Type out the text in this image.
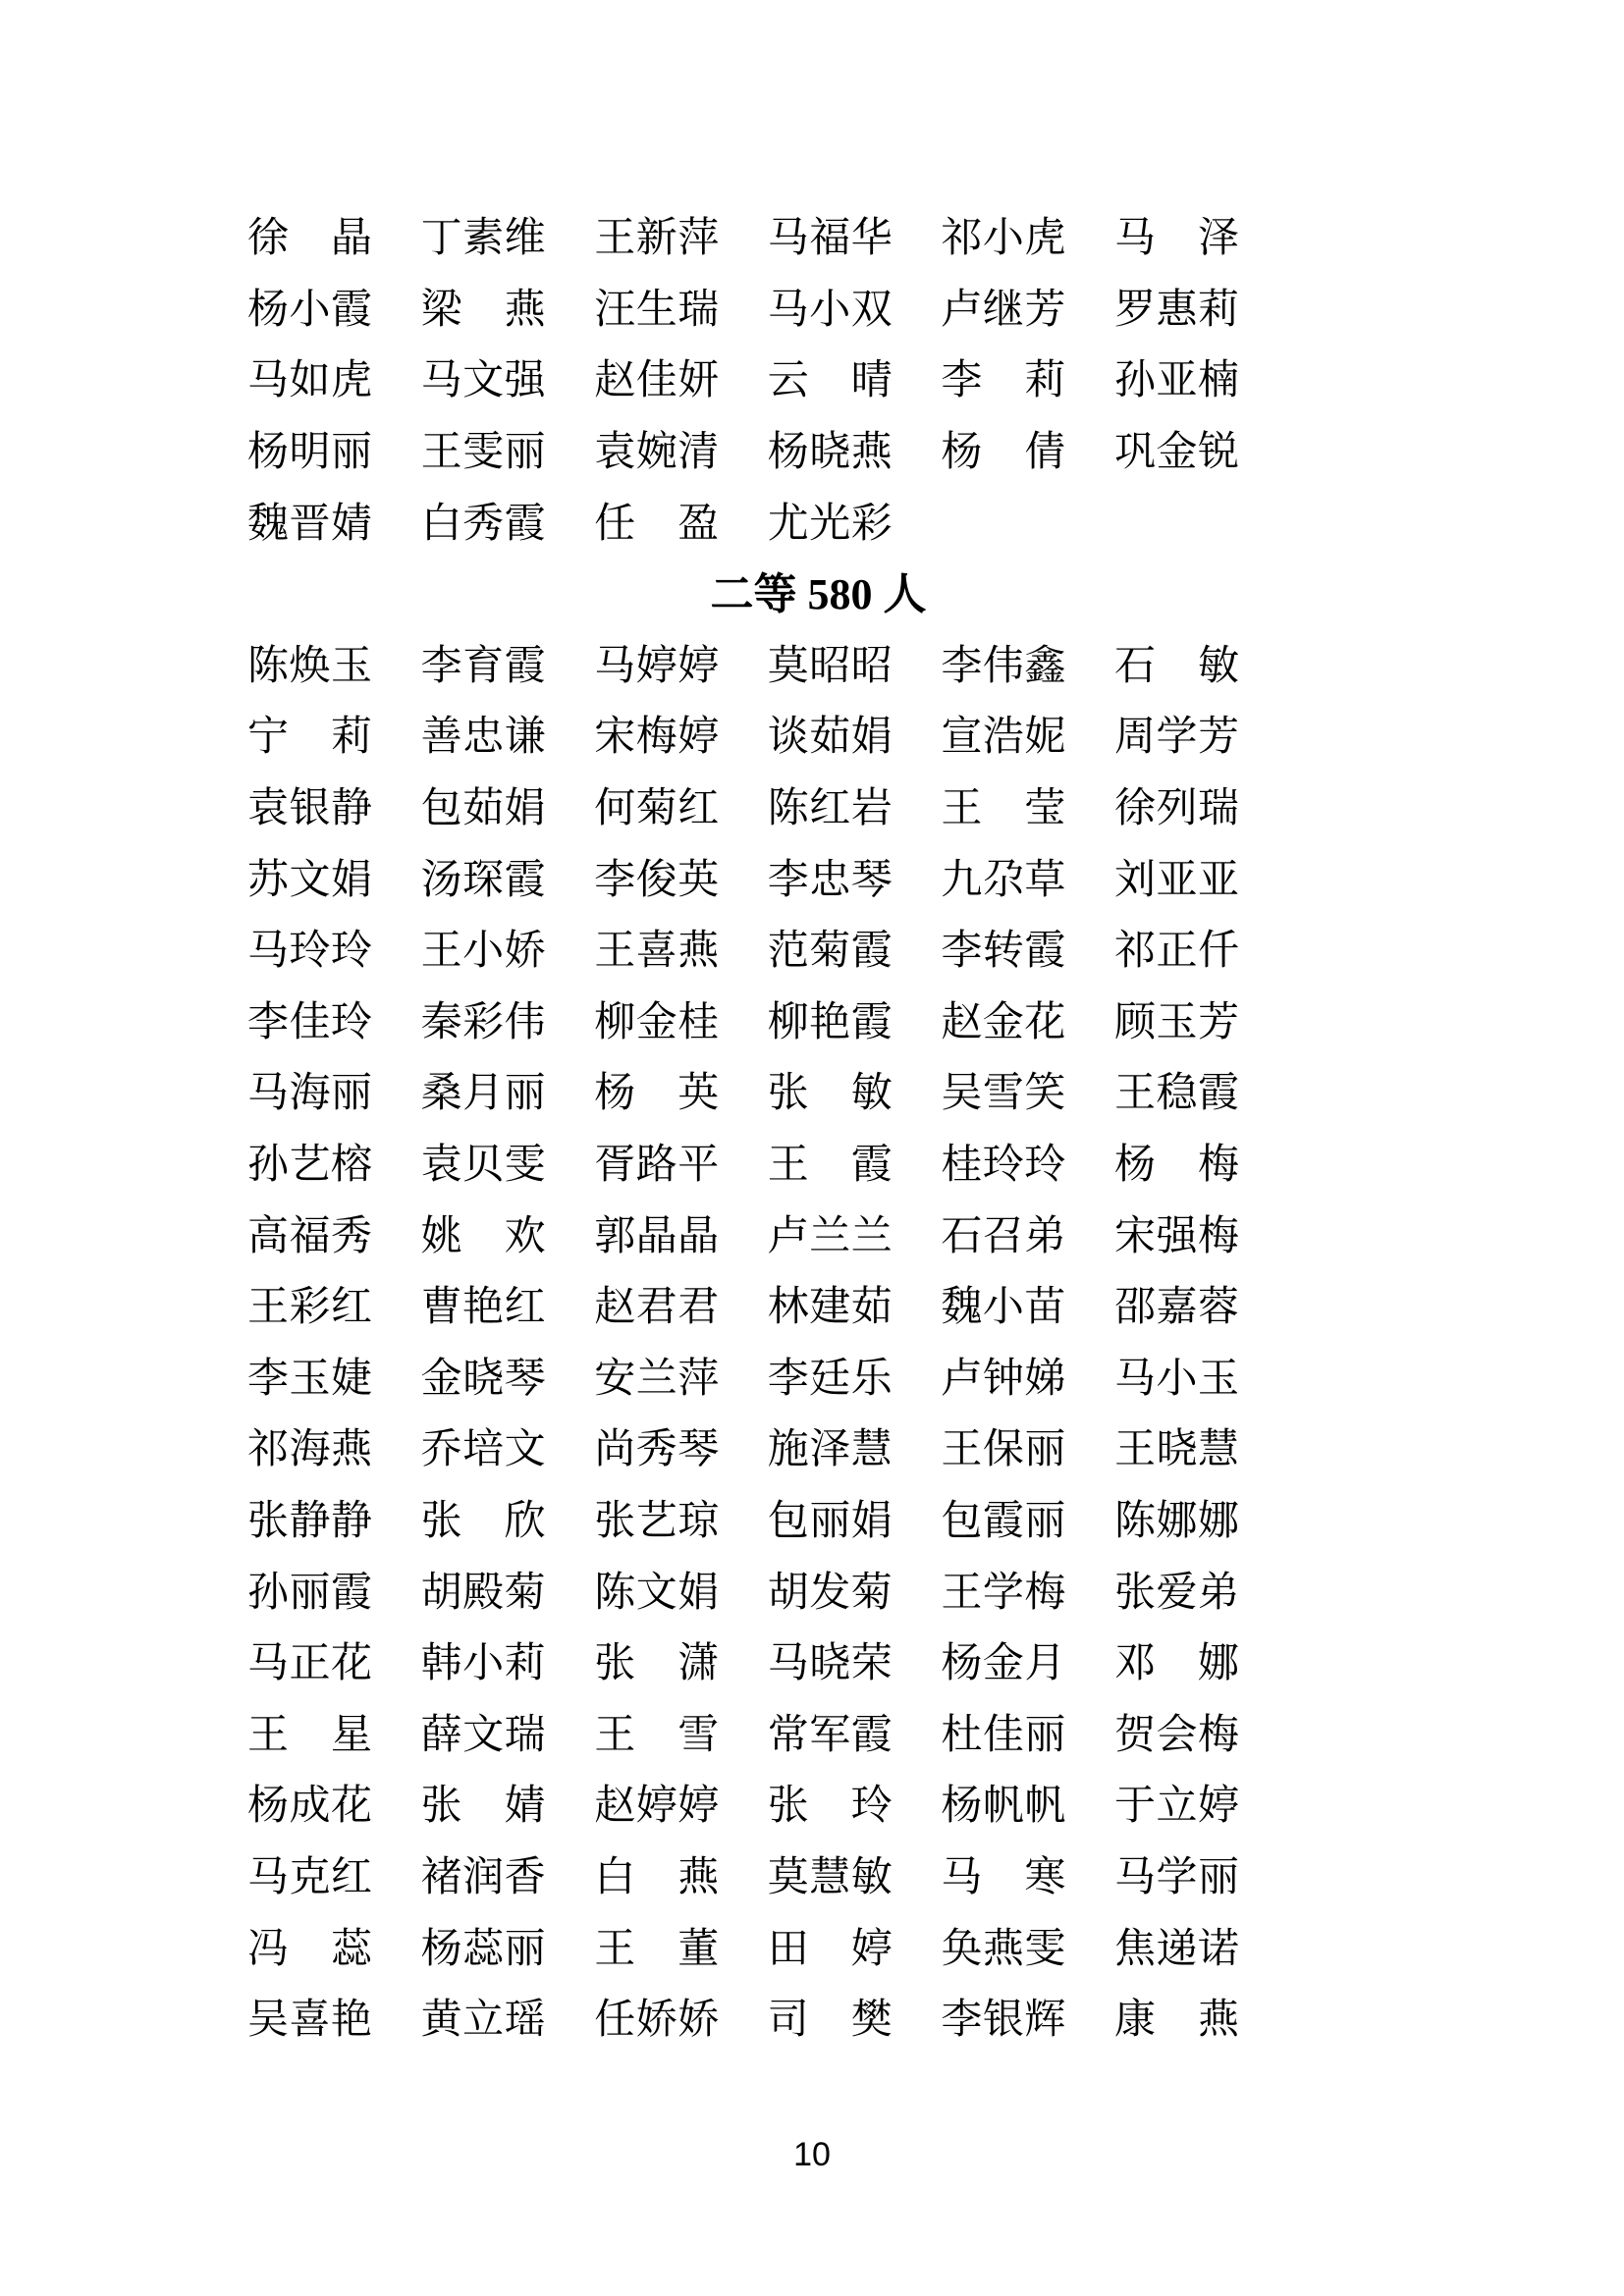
徐　晶 丁素维 王新萍 马福华 祁小虎 马　泽
杨小霞 梁　燕 汪生瑞 马小双 卢继芳 罗惠莉
马如虎 马文强 赵佳妍 云　晴 李　莉 孙亚楠
杨明丽 王雯丽 袁婉清 杨晓燕 杨　倩 巩金锐
魏晋婧 白秀霞 任　盈 尤光彩
二等 580 人
陈焕玉 李育霞 马婷婷 莫昭昭 李伟鑫 石　敏
宁　莉 善忠谦 宋梅婷 谈茹娟 宣浩妮 周学芳
袁银静 包茹娟 何菊红 陈红岩 王　莹 徐列瑞
苏文娟 汤琛霞 李俊英 李忠琴 九尕草 刘亚亚
马玲玲 王小娇 王喜燕 范菊霞 李转霞 祁正仟
李佳玲 秦彩伟 柳金桂 柳艳霞 赵金花 顾玉芳
马海丽 桑月丽 杨　英 张　敏 吴雪笑 王稳霞
孙艺榕 袁贝雯 胥路平 王　霞 桂玲玲 杨　梅
高福秀 姚　欢 郭晶晶 卢兰兰 石召弟 宋强梅
王彩红 曹艳红 赵君君 林建茹 魏小苗 邵嘉蓉
李玉婕 金晓琴 安兰萍 李廷乐 卢钟娣 马小玉
祁海燕 乔培文 尚秀琴 施泽慧 王保丽 王晓慧
张静静 张　欣 张艺琼 包丽娟 包霞丽 陈娜娜
孙丽霞 胡殿菊 陈文娟 胡发菊 王学梅 张爱弟
马正花 韩小莉 张　潇 马晓荣 杨金月 邓　娜
王　星 薛文瑞 王　雪 常军霞 杜佳丽 贺会梅
杨成花 张　婧 赵婷婷 张　玲 杨帆帆 于立婷
马克红 褚润香 白　燕 莫慧敏 马　寒 马学丽
冯　蕊 杨蕊丽 王　董 田　婷 奂燕雯 焦递诺
吴喜艳 黄立瑶 任娇娇 司　樊 李银辉 康　燕
10
